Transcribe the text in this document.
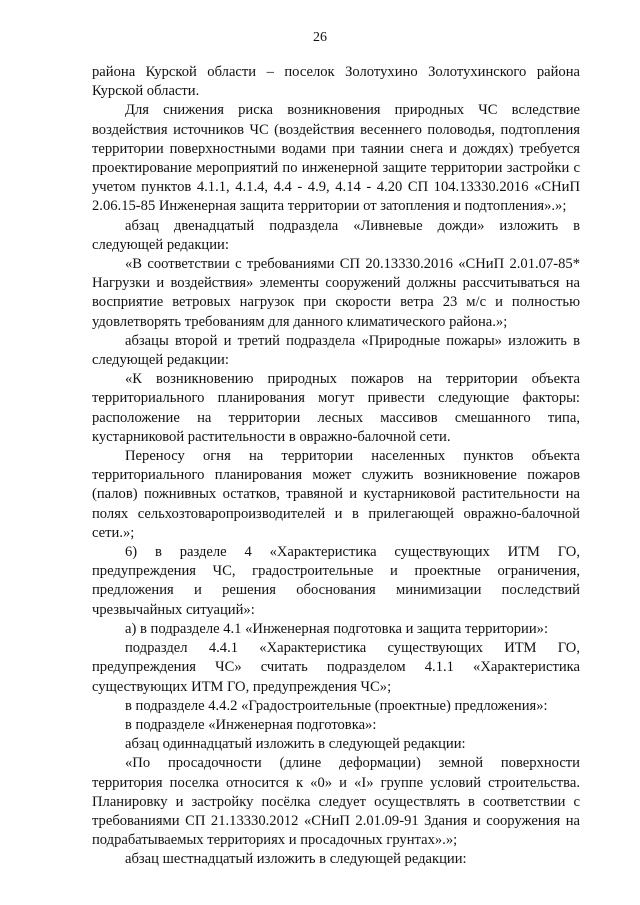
26

района Курской области – поселок Золотухино Золотухинского района Курской области.

Для снижения риска возникновения природных ЧС вследствие воздействия источников ЧС (воздействия весеннего половодья, подтопления территории поверхностными водами при таянии снега и дождях) требуется проектирование мероприятий по инженерной защите территории застройки с учетом пунктов 4.1.1, 4.1.4, 4.4 - 4.9, 4.14 - 4.20 СП 104.13330.2016 «СНиП 2.06.15-85 Инженерная защита территории от затопления и подтопления».»;

абзац двенадцатый подраздела «Ливневые дожди» изложить в следующей редакции:

«В соответствии с требованиями СП 20.13330.2016 «СНиП 2.01.07-85* Нагрузки и воздействия» элементы сооружений должны рассчитываться на восприятие ветровых нагрузок при скорости ветра 23 м/с и полностью удовлетворять требованиям для данного климатического района.»;

абзацы второй и третий подраздела «Природные пожары» изложить в следующей редакции:

«К возникновению природных пожаров на территории объекта территориального планирования могут привести следующие факторы: расположение на территории лесных массивов смешанного типа, кустарниковой растительности в овражно-балочной сети.

Переносу огня на территории населенных пунктов объекта территориального планирования может служить возникновение пожаров (палов) пожнивных остатков, травяной и кустарниковой растительности на полях сельхозтоваропроизводителей и в прилегающей овражно-балочной сети.»;

6) в разделе 4 «Характеристика существующих ИТМ ГО, предупреждения ЧС, градостроительные и проектные ограничения, предложения и решения обоснования минимизации последствий чрезвычайных ситуаций»:

а) в подразделе 4.1 «Инженерная подготовка и защита территории»:

подраздел 4.4.1 «Характеристика существующих ИТМ ГО, предупреждения ЧС» считать подразделом 4.1.1 «Характеристика существующих ИТМ ГО, предупреждения ЧС»;

в подразделе 4.4.2 «Градостроительные (проектные) предложения»:

в подразделе «Инженерная подготовка»:

абзац одиннадцатый изложить в следующей редакции:

«По просадочности (длине деформации) земной поверхности территория поселка относится к «0» и «I» группе условий строительства. Планировку и застройку посёлка следует осуществлять в соответствии с требованиями СП 21.13330.2012 «СНиП 2.01.09-91 Здания и сооружения на подрабатываемых территориях и просадочных грунтах».»;

абзац шестнадцатый изложить в следующей редакции:
